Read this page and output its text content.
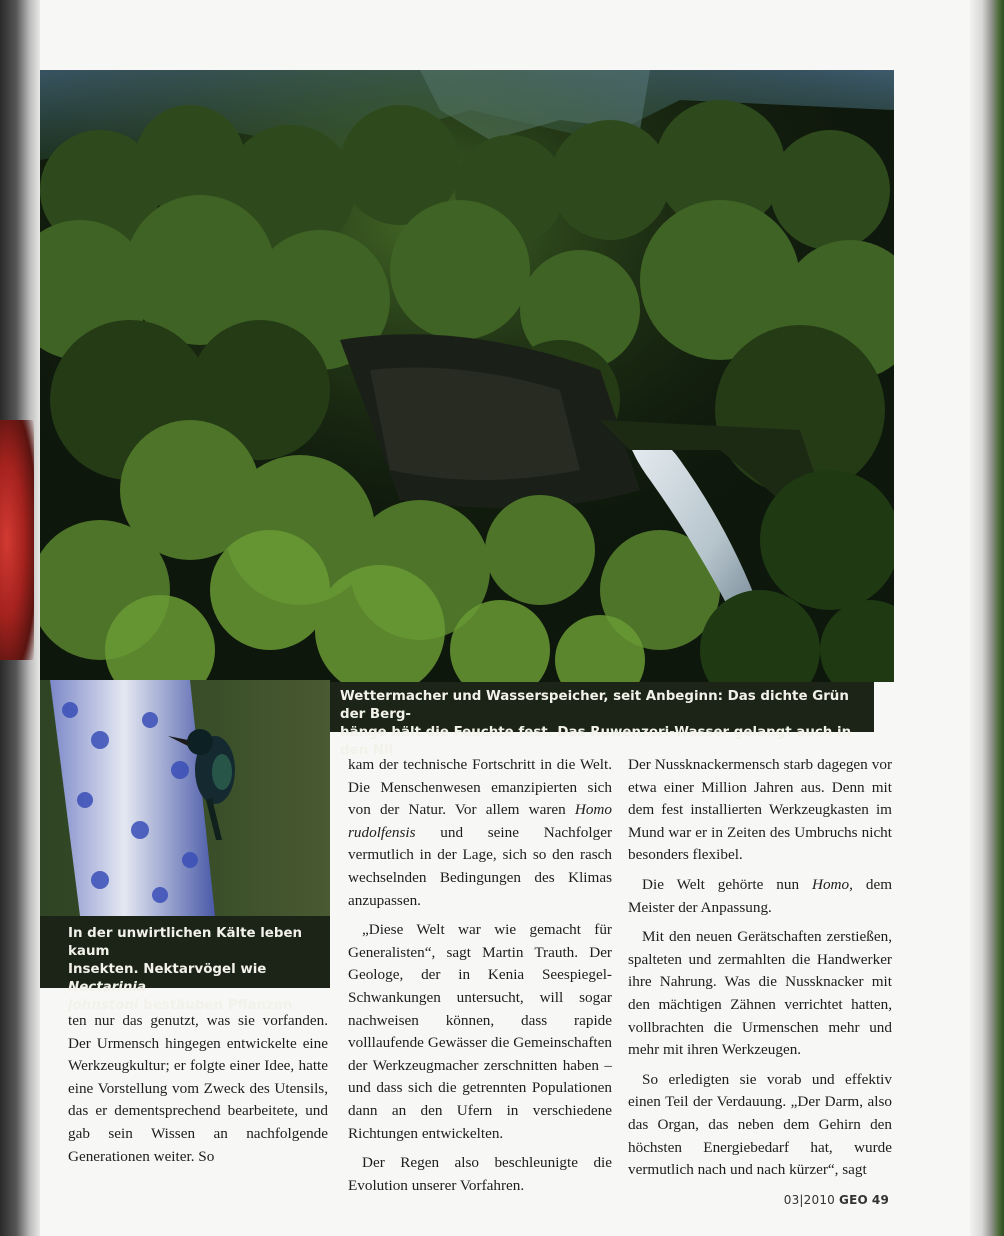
Wettermacher und Wasserspeicher, seit Anbeginn: Das dichte Grün der Berg-
hänge hält die Feuchte fest. Das Ruwenzori-Wasser gelangt auch in den Nil

In der unwirtlichen Kälte leben kaum
Insekten. Nektarvögel wie Nectarinia
johnstoni bestäuben Pflanzen

ten nur das genutzt, was sie vorfanden. Der Urmensch hingegen entwickelte eine Werkzeugkultur; er folgte einer Idee, hatte eine Vorstellung vom Zweck des Utensils, das er dementsprechend bearbeitete, und gab sein Wissen an nachfolgende Generationen weiter. So

kam der technische Fortschritt in die Welt. Die Menschenwesen emanzipierten sich von der Natur. Vor allem waren Homo rudolfensis und seine Nachfolger vermutlich in der Lage, sich so den rasch wechselnden Bedingungen des Klimas anzupassen.

„Diese Welt war wie gemacht für Generalisten“, sagt Martin Trauth. Der Geologe, der in Kenia Seespiegel-Schwankungen untersucht, will sogar nachweisen können, dass rapide volllaufende Gewässer die Gemeinschaften der Werkzeugmacher zerschnitten haben – und dass sich die getrennten Populationen dann an den Ufern in verschiedene Richtungen entwickelten.

Der Regen also beschleunigte die Evolution unserer Vorfahren.

Der Nussknackermensch starb dagegen vor etwa einer Million Jahren aus. Denn mit dem fest installierten Werkzeugkasten im Mund war er in Zeiten des Umbruchs nicht besonders flexibel.

Die Welt gehörte nun Homo, dem Meister der Anpassung.

Mit den neuen Gerätschaften zerstießen, spalteten und zermahlten die Handwerker ihre Nahrung. Was die Nussknacker mit den mächtigen Zähnen verrichtet hatten, vollbrachten die Urmenschen mehr und mehr mit ihren Werkzeugen.

So erledigten sie vorab und effektiv einen Teil der Verdauung. „Der Darm, also das Organ, das neben dem Gehirn den höchsten Energiebedarf hat, wurde vermutlich nach und nach kürzer“, sagt

03|2010 GEO 49
